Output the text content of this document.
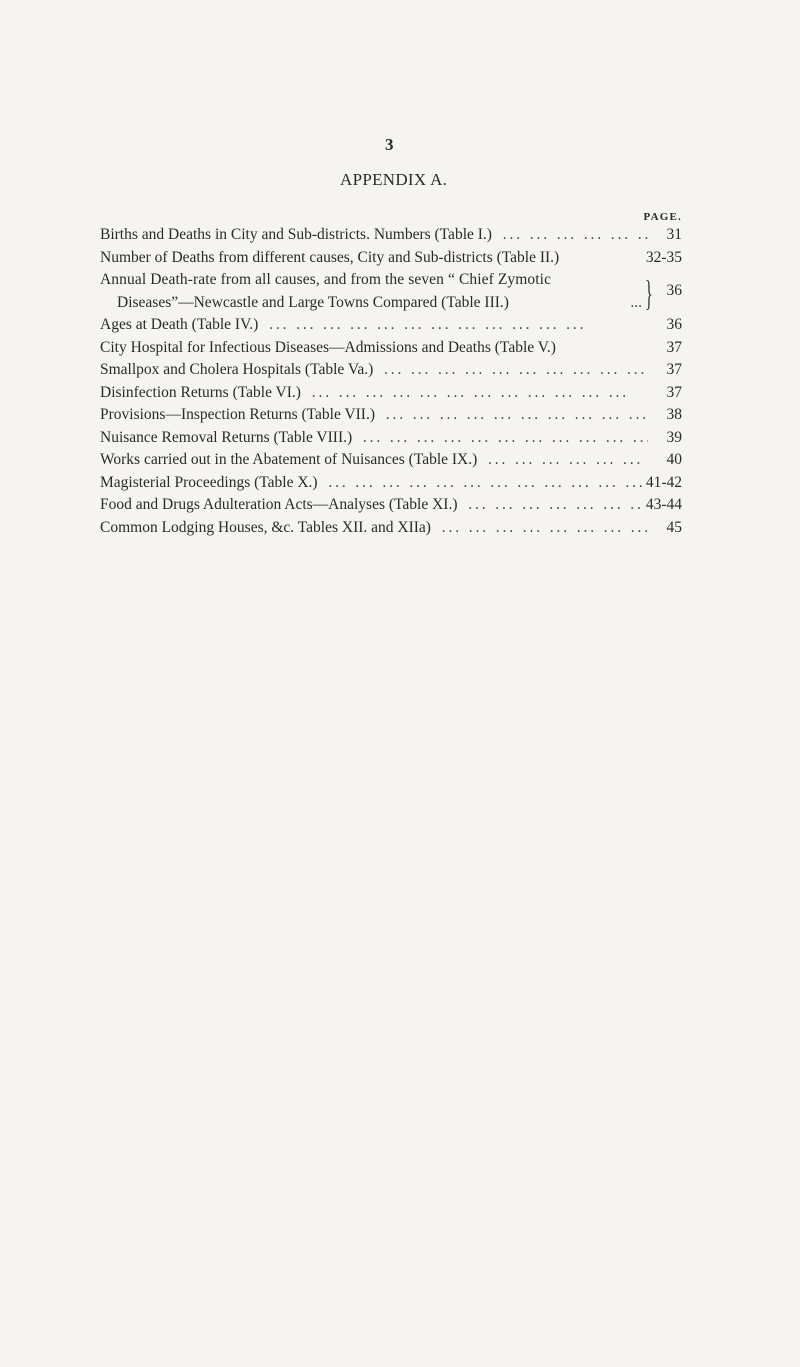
3
APPENDIX A.
PAGE.
Births and Deaths in City and Sub-districts. Numbers (Table I.) . . .	31
Number of Deaths from different causes, City and Sub-districts (Table II.)	32-35
Annual Death-rate from all causes, and from the seven “ Chief Zymotic
Diseases”—Newcastle and Large Towns Compared (Table III.)	... } 36
Ages at Death (Table IV.) . . .	36
City Hospital for Infectious Diseases—Admissions and Deaths (Table V.)	37
Smallpox and Cholera Hospitals (Table Va.) . . .	37
Disinfection Returns (Table VI.) . . .	37
Provisions—Inspection Returns (Table VII.) . . .	38
Nuisance Removal Returns (Table VIII.) . . .	39
Works carried out in the Abatement of Nuisances (Table IX.) . . .	40
Magisterial Proceedings (Table X.) . . .	41-42
Food and Drugs Adulteration Acts—Analyses (Table XI.) . . .	43-44
Common Lodging Houses, &c. Tables XII. and XIIa) . . .	45
